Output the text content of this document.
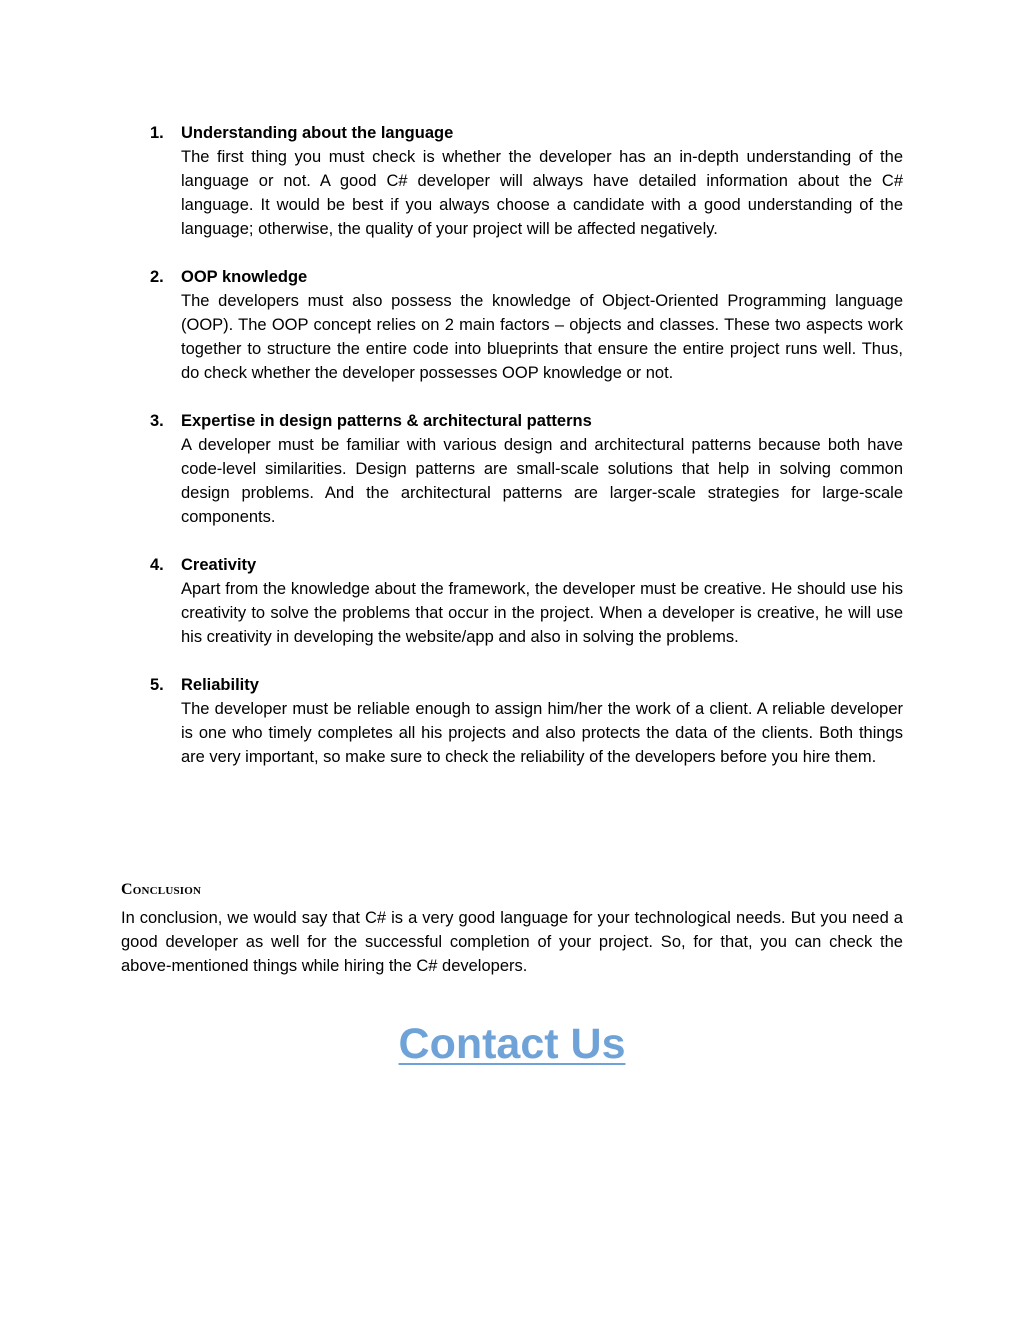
1. Understanding about the language

The first thing you must check is whether the developer has an in-depth understanding of the language or not. A good C# developer will always have detailed information about the C# language. It would be best if you always choose a candidate with a good understanding of the language; otherwise, the quality of your project will be affected negatively.

2. OOP knowledge

The developers must also possess the knowledge of Object-Oriented Programming language (OOP). The OOP concept relies on 2 main factors – objects and classes. These two aspects work together to structure the entire code into blueprints that ensure the entire project runs well. Thus, do check whether the developer possesses OOP knowledge or not.

3. Expertise in design patterns & architectural patterns

A developer must be familiar with various design and architectural patterns because both have code-level similarities. Design patterns are small-scale solutions that help in solving common design problems. And the architectural patterns are larger-scale strategies for large-scale components.

4. Creativity

Apart from the knowledge about the framework, the developer must be creative. He should use his creativity to solve the problems that occur in the project. When a developer is creative, he will use his creativity in developing the website/app and also in solving the problems.

5. Reliability

The developer must be reliable enough to assign him/her the work of a client. A reliable developer is one who timely completes all his projects and also protects the data of the clients. Both things are very important, so make sure to check the reliability of the developers before you hire them.

Conclusion

In conclusion, we would say that C# is a very good language for your technological needs. But you need a good developer as well for the successful completion of your project. So, for that, you can check the above-mentioned things while hiring the C# developers.

Contact Us
